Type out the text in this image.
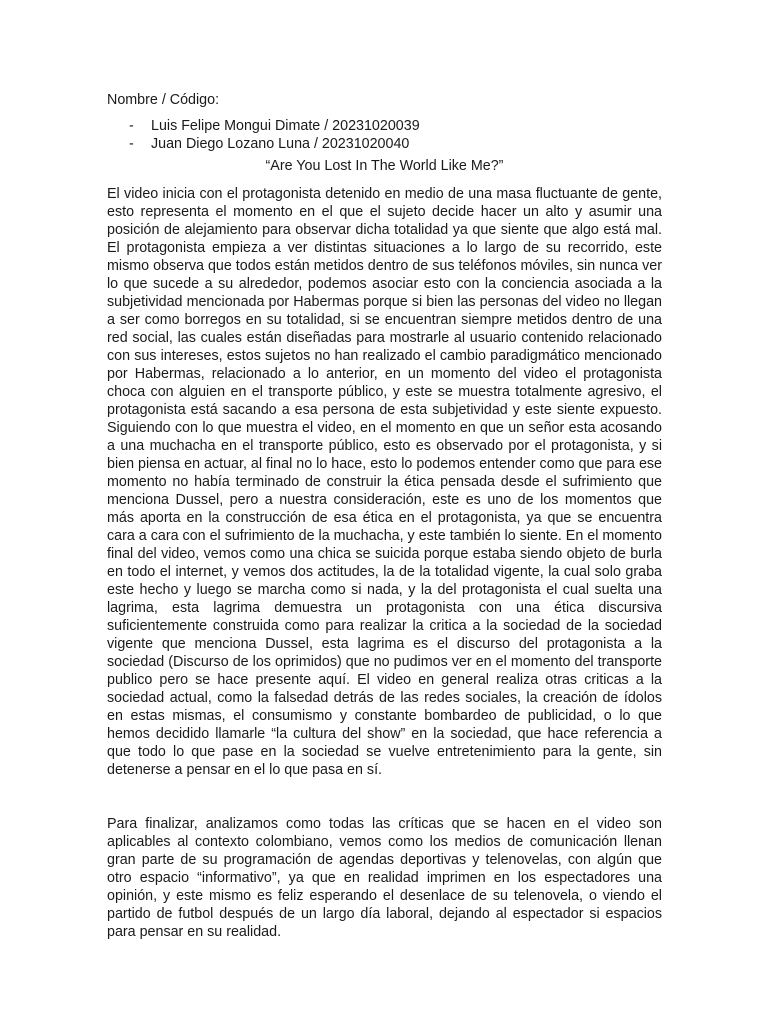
Nombre / Código:

-	Luis Felipe Mongui Dimate / 20231020039
-	Juan Diego Lozano Luna / 20231020040

“Are You Lost In The World Like Me?”

El video inicia con el protagonista detenido en medio de una masa fluctuante de gente, esto representa el momento en el que el sujeto decide hacer un alto y asumir una posición de alejamiento para observar dicha totalidad ya que siente que algo está mal. El protagonista empieza a ver distintas situaciones a lo largo de su recorrido, este mismo observa que todos están metidos dentro de sus teléfonos móviles, sin nunca ver lo que sucede a su alrededor, podemos asociar esto con la conciencia asociada a la subjetividad mencionada por Habermas porque si bien las personas del video no llegan a ser como borregos en su totalidad, si se encuentran siempre metidos dentro de una red social, las cuales están diseñadas para mostrarle al usuario contenido relacionado con sus intereses, estos sujetos no han realizado el cambio paradigmático mencionado por Habermas, relacionado a lo anterior, en un momento del video el protagonista choca con alguien en el transporte público, y este se muestra totalmente agresivo, el protagonista está sacando a esa persona de esta subjetividad y este siente expuesto. Siguiendo con lo que muestra el video, en el momento en que un señor esta acosando a una muchacha en el transporte público, esto es observado por el protagonista, y si bien piensa en actuar, al final no lo hace, esto lo podemos entender como que para ese momento no había terminado de construir la ética pensada desde el sufrimiento que menciona Dussel, pero a nuestra consideración, este es uno de los momentos que más aporta en la construcción de esa ética en el protagonista, ya que se encuentra cara a cara con el sufrimiento de la muchacha, y este también lo siente. En el momento final del video, vemos como una chica se suicida porque estaba siendo objeto de burla en todo el internet, y vemos dos actitudes, la de la totalidad vigente, la cual solo graba este hecho y luego se marcha como si nada, y la del protagonista el cual suelta una lagrima, esta lagrima demuestra un protagonista con una ética discursiva suficientemente construida como para realizar la critica a la sociedad de la sociedad vigente que menciona Dussel, esta lagrima es el discurso del protagonista a la sociedad (Discurso de los oprimidos) que no pudimos ver en el momento del transporte publico pero se hace presente aquí. El video en general realiza otras criticas a la sociedad actual, como la falsedad detrás de las redes sociales, la creación de ídolos en estas mismas, el consumismo y constante bombardeo de publicidad, o lo que hemos decidido llamarle “la cultura del show” en la sociedad, que hace referencia a que todo lo que pase en la sociedad se vuelve entretenimiento para la gente, sin detenerse a pensar en el lo que pasa en sí.

Para finalizar, analizamos como todas las críticas que se hacen en el video son aplicables al contexto colombiano, vemos como los medios de comunicación llenan gran parte de su programación de agendas deportivas y telenovelas, con algún que otro espacio “informativo”, ya que en realidad imprimen en los espectadores una opinión, y este mismo es feliz esperando el desenlace de su telenovela, o viendo el partido de futbol después de un largo día laboral, dejando al espectador si espacios para pensar en su realidad.
